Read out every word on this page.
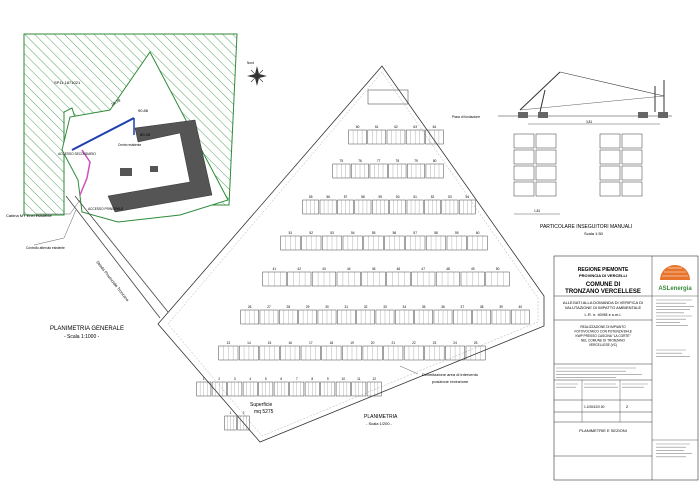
SP11 1871021
90.88
80.28
18.78
Centro esistente
ACCESSO SECONDARIO
ACCESSO PRINCIPALE
Cabina MT Enel esistente
Controllo attenuto esistente
Strada Provinciale Tronzano
PLANIMETRIA GENERALE
- Scala 1:1000 -
Nord
60	61	62	63	64
75	76	77	78	79	80
55	56	57	58	59	50	51	52	53	54
51	52	53	54	55	56	57	58	59	60
41	42	43	44	45	46	47	48	49	50
26	27	28	29	30	31	32	33	34	35	36	37	38	39	40
13	14	15	16	17	18	19	20	21	22	23	24	25
1	2	3	4	5	6	7	8	9	10	11	12
1	2
Superficie
mq 5275
Delimitazione area di intervento
posizione recinzione
PLANIMETRIA
- Scala 1/200 -
Piano di fondazione
3,81
1,81
PARTICOLARE INSEGUITORI MANUALI
Scala 1:50
REGIONE PIEMONTE
PROVINCIA DI VERCELLI
COMUNE DI
TRONZANO VERCELLESE
ALLEGATI ALLA DOMANDA DI VERIFICA DI VALUTAZIONE DI IMPATTO AMBIENTALE
L.R. n. 40/98 e s.m.i.
REALIZZAZIONE DI IMPIANTO FOTOVOLTAICO CON POTENZA 994,8 KWP PRESSO CASCINA "LA CORTE" NEL COMUNE DI TRONZANO VERCELLESE (VC)
1.1/06/12/0.00	2
PLANIMETRIE E SEZIONI
ASLenergia
